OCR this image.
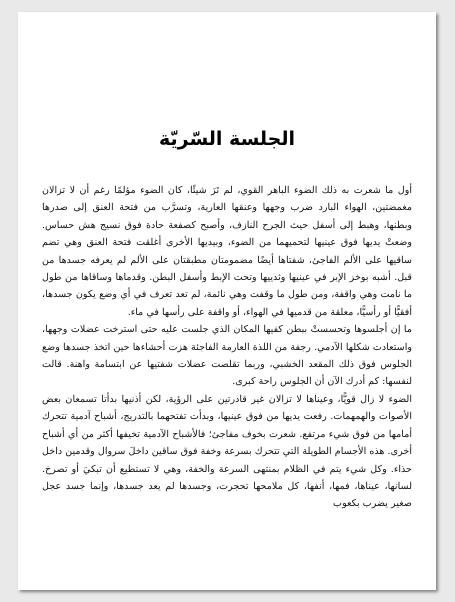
الجلسة السّريّة

أول ما شعرت به ذلك الضوء الباهر القوي، لم تَرَ شيئًا، كان الضوء مؤلمًا رغم أن لا تزالان مغمضتين، الهواء البارد ضرب وجهها وعنقها العارية، وتسرَّب من فتحة العنق إلى صدرها وبطنها، وهبط إلى أسفل حيث الجرح النازف، وأصبح كصفعة حادة فوق نسيج هش حساس. وضعتْ يديها فوق عينيها لتحميهما من الضوء، وبيديها الأخرى أغلقت فتحة العنق وهي تضم ساقيها على الألم الفاجئ، شفتاها أيضًا مضمومتان مطبقتان على الألم لم يعرفه جسدها من قبل. أشبه بوخز الإبر في عينيها وثدييها وتحت الإبط وأسفل البطن. وقدماها وساقاها من طول ما نامت وهي واقفة، ومن طول ما وقفت وهي نائمة، لم تعد تعرف في أي وضع يكون جسدها، أفقيًّا أو رأسيًّا، معلقة من قدميها في الهواء، أو واقفة على رأسها في ماء.

ما إن أجلسوها وتحسستْ ببطن كفيها المكان الذي جلست عليه حتى استرخت عضلات وجهها، واستعادت شكلها الآدمي. رجفة من اللذة العارمة الفاجئة هزت أحشاءها حين اتخذ جسدها وضع الجلوس فوق ذلك المقعد الخشبي، وربما تقلصت عضلات شفتيها عن ابتسامة واهنة. قالت لنفسها: كم أدرك الآن أن الجلوس راحة كبرى.

الضوء لا زال قويًّا، وعيناها لا تزالان غير قادرتين على الرؤية، لكن أذنيها بدأتا تسمعان بعض الأصوات والهمهمات. رفعت يديها من فوق عينيها، وبدأت تفتحهما بالتدريج، أشباح آدمية تتحرك أمامها من فوق شيء مرتفع. شعرت بخوف مفاجئ؛ فالأشباح الآدمية تخيفها أكثر من أي أشباح أخرى. هذه الأجسام الطويلة التي تتحرك بسرعة وخفة فوق ساقين داخلَ سروال وقدمين داخل حذاء. وكل شيء يتم في الظلام بمنتهى السرعة والخفة، وهي لا تستطيع أن تبكيَ أو تصرخ. لسانها، عيناها، فمها، أنفها، كل ملامحها تحجرت، وجسدها لم يعد جسدها، وإنما جسد عجل صغير يضرب بكعوب
